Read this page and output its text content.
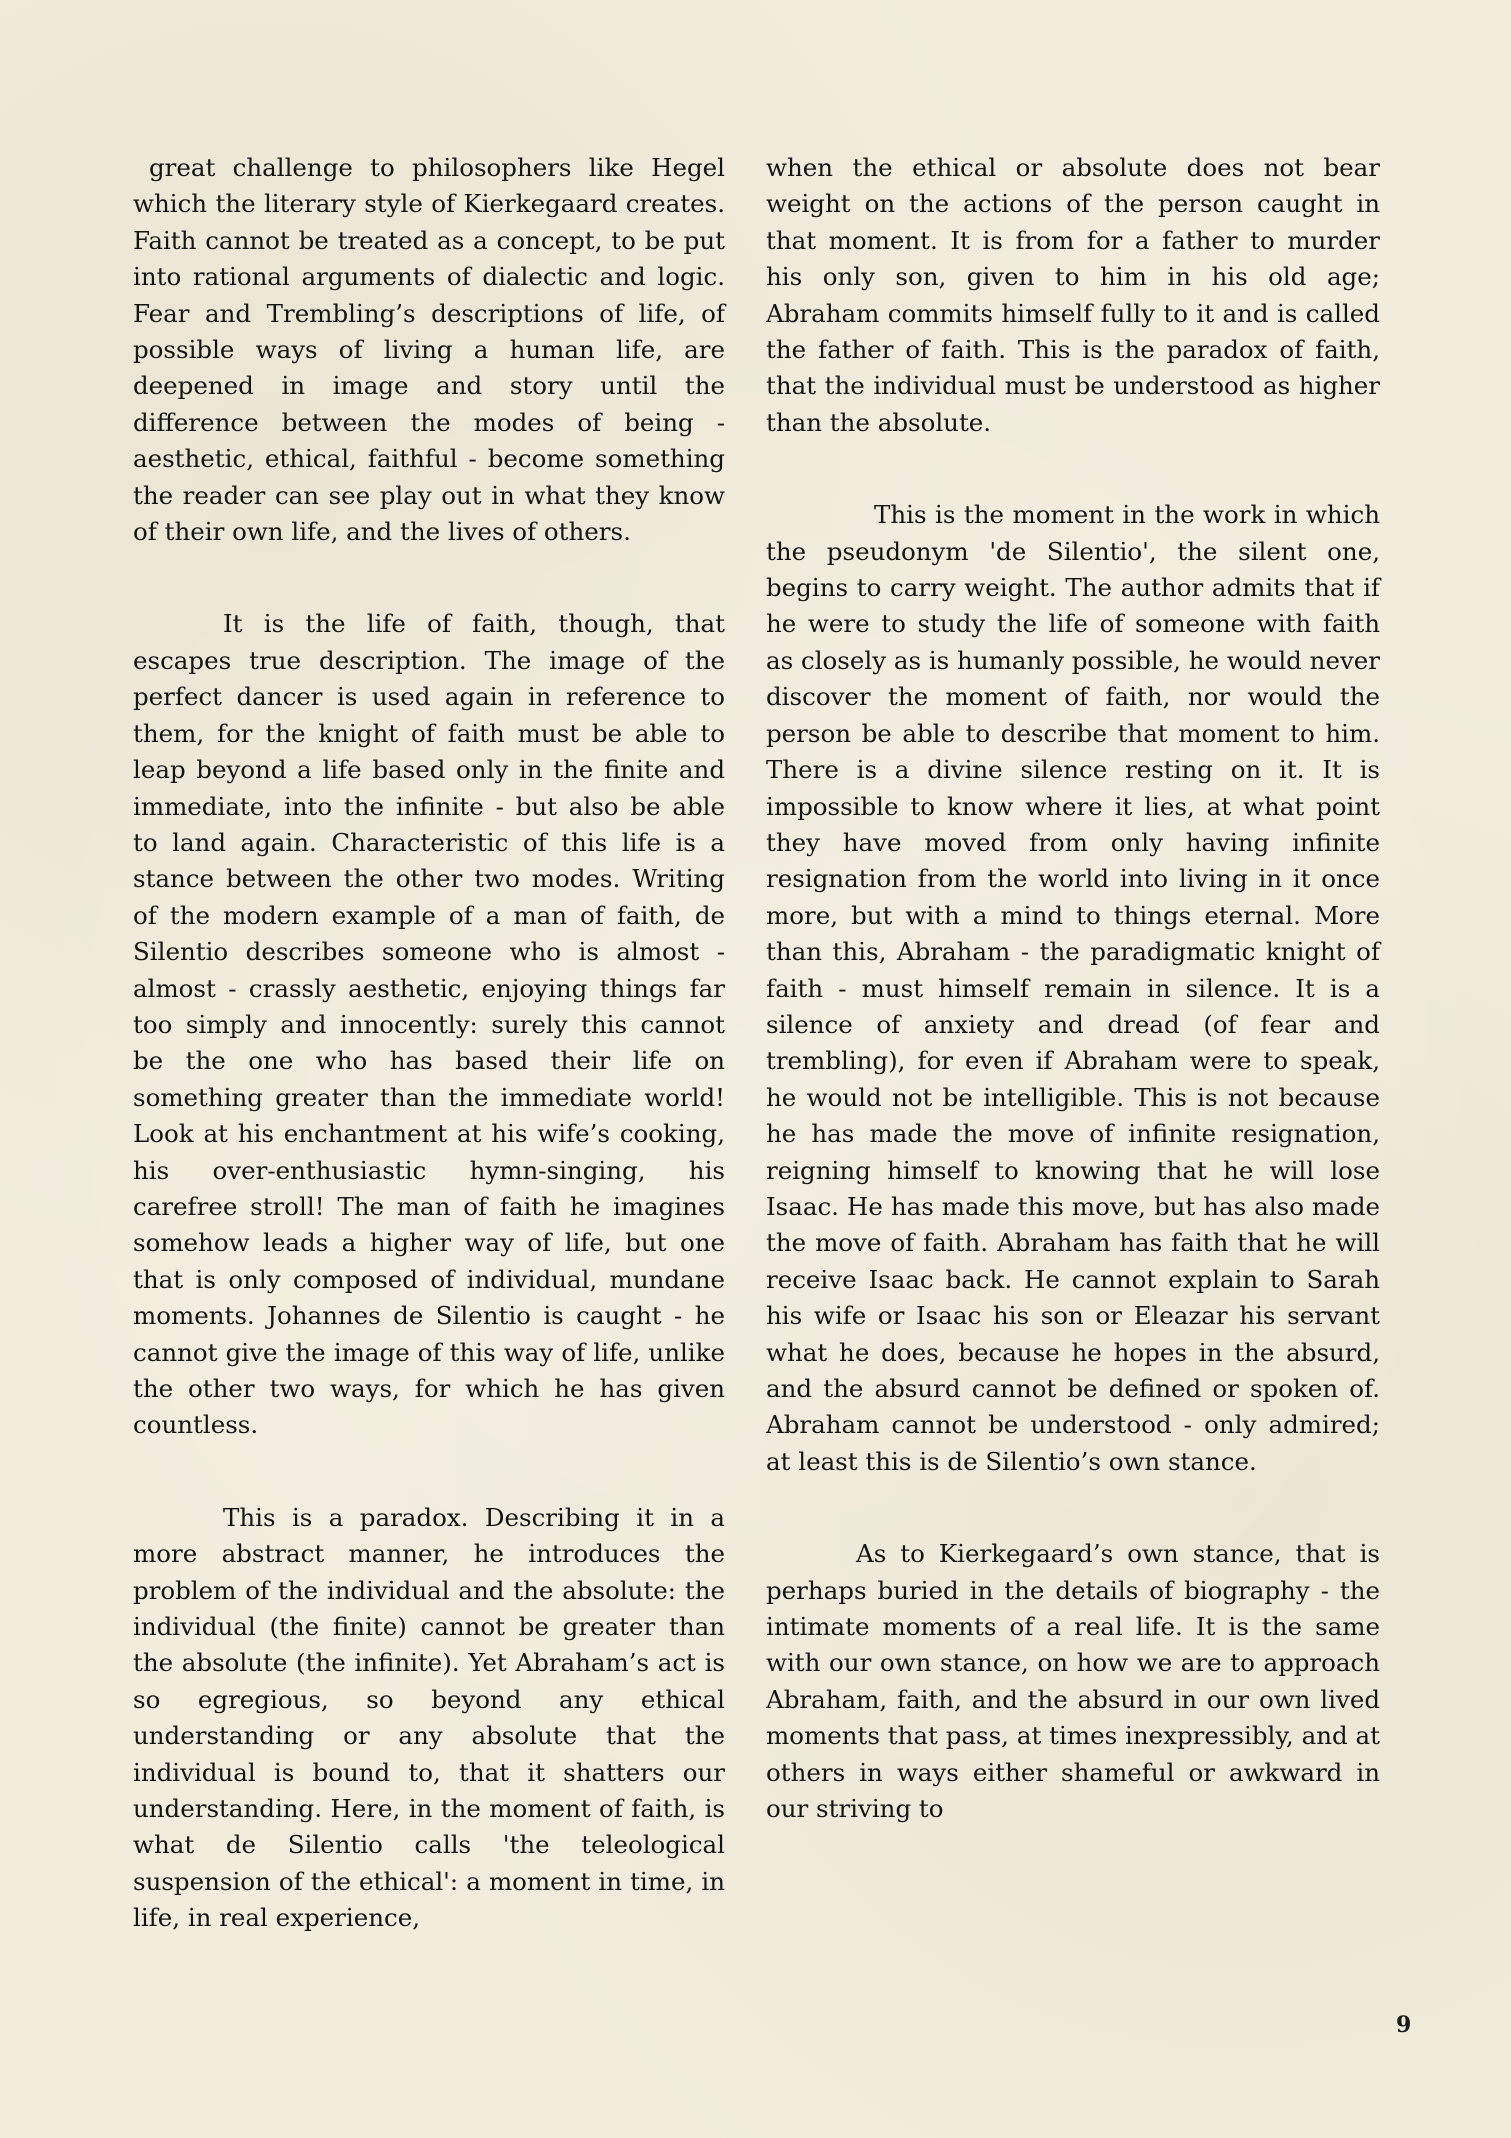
great challenge to philosophers like Hegel which the literary style of Kierkegaard creates. Faith cannot be treated as a concept, to be put into rational arguments of dialectic and logic. Fear and Trembling’s descriptions of life, of possible ways of living a human life, are deepened in image and story until the difference between the modes of being - aesthetic, ethical, faithful - become something the reader can see play out in what they know of their own life, and the lives of others.

It is the life of faith, though, that escapes true description. The image of the perfect dancer is used again in reference to them, for the knight of faith must be able to leap beyond a life based only in the finite and immediate, into the infinite - but also be able to land again. Characteristic of this life is a stance between the other two modes. Writing of the modern example of a man of faith, de Silentio describes someone who is almost - almost - crassly aesthetic, enjoying things far too simply and innocently: surely this cannot be the one who has based their life on something greater than the immediate world! Look at his enchantment at his wife’s cooking, his over-enthusiastic hymn-singing, his carefree stroll! The man of faith he imagines somehow leads a higher way of life, but one that is only composed of individual, mundane moments. Johannes de Silentio is caught - he cannot give the image of this way of life, unlike the other two ways, for which he has given countless.

This is a paradox. Describing it in a more abstract manner, he introduces the problem of the individual and the absolute: the individual (the finite) cannot be greater than the absolute (the infinite). Yet Abraham’s act is so egregious, so beyond any ethical understanding or any absolute that the individual is bound to, that it shatters our understanding. Here, in the moment of faith, is what de Silentio calls 'the teleological suspension of the ethical': a moment in time, in life, in real experience,

when the ethical or absolute does not bear weight on the actions of the person caught in that moment. It is from for a father to murder his only son, given to him in his old age; Abraham commits himself fully to it and is called the father of faith. This is the paradox of faith, that the individual must be understood as higher than the absolute.

This is the moment in the work in which the pseudonym 'de Silentio', the silent one, begins to carry weight. The author admits that if he were to study the life of someone with faith as closely as is humanly possible, he would never discover the moment of faith, nor would the person be able to describe that moment to him. There is a divine silence resting on it. It is impossible to know where it lies, at what point they have moved from only having infinite resignation from the world into living in it once more, but with a mind to things eternal. More than this, Abraham - the paradigmatic knight of faith - must himself remain in silence. It is a silence of anxiety and dread (of fear and trembling), for even if Abraham were to speak, he would not be intelligible. This is not because he has made the move of infinite resignation, reigning himself to knowing that he will lose Isaac. He has made this move, but has also made the move of faith. Abraham has faith that he will receive Isaac back. He cannot explain to Sarah his wife or Isaac his son or Eleazar his servant what he does, because he hopes in the absurd, and the absurd cannot be defined or spoken of. Abraham cannot be understood - only admired; at least this is de Silentio’s own stance.

As to Kierkegaard’s own stance, that is perhaps buried in the details of biography - the intimate moments of a real life. It is the same with our own stance, on how we are to approach Abraham, faith, and the absurd in our own lived moments that pass, at times inexpressibly, and at others in ways either shameful or awkward in our striving to

9
